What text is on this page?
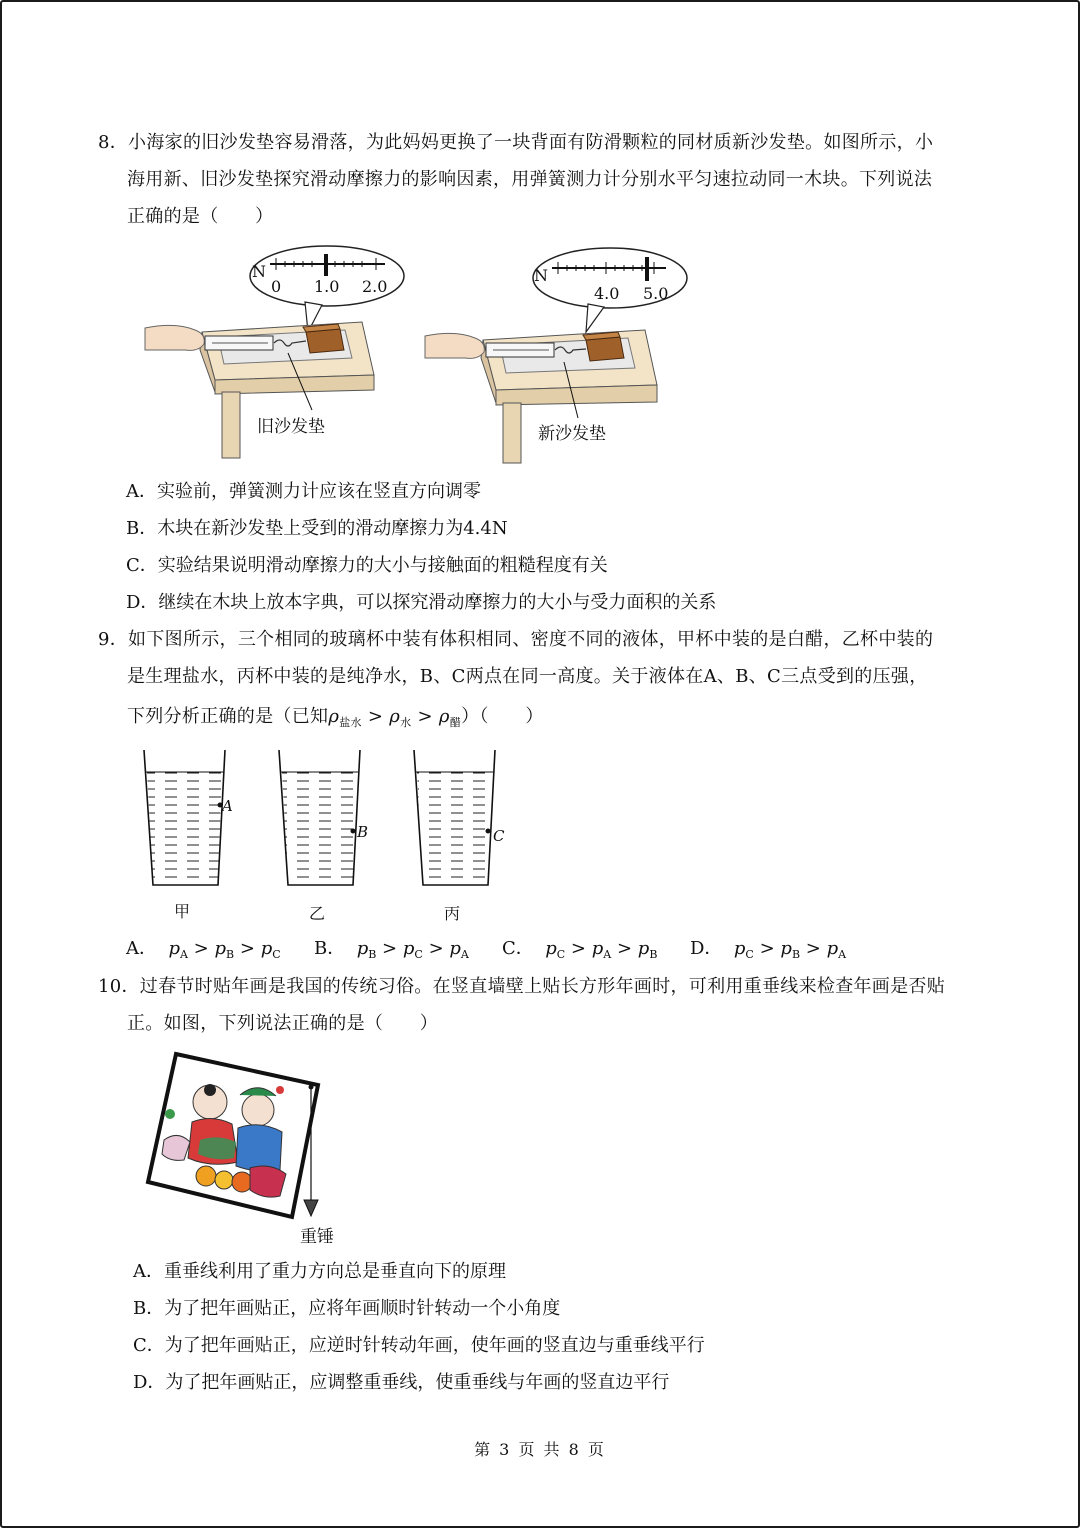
8．小海家的旧沙发垫容易滑落，为此妈妈更换了一块背面有防滑颗粒的同材质新沙发垫。如图所示，小
海用新、旧沙发垫探究滑动摩擦力的影响因素，用弹簧测力计分别水平匀速拉动同一木块。下列说法
正确的是（　　）
N
0 1.0 2.0
旧沙发垫
N
4.0 5.0
新沙发垫
A．实验前，弹簧测力计应该在竖直方向调零
B．木块在新沙发垫上受到的滑动摩擦力为4.4N
C．实验结果说明滑动摩擦力的大小与接触面的粗糙程度有关
D．继续在木块上放本字典，可以探究滑动摩擦力的大小与受力面积的关系
9．如下图所示，三个相同的玻璃杯中装有体积相同、密度不同的液体，甲杯中装的是白醋，乙杯中装的
是生理盐水，丙杯中装的是纯净水，B、C两点在同一高度。关于液体在A、B、C三点受到的压强，
下列分析正确的是（已知$\rho_{盐水} > \rho_水 > \rho_醋$）（　　）
A
B	C
甲	乙	丙
A． $p_A > p_B > p_C$ B． $p_B > p_C > p_A$ C． $p_C > p_A > p_B$ D． $p_C > p_B > p_A$
10．过春节时贴年画是我国的传统习俗。在竖直墙壁上贴长方形年画时，可利用重垂线来检查年画是否贴
正。如图，下列说法正确的是（　　）
重锤
A．重垂线利用了重力方向总是垂直向下的原理
B．为了把年画贴正，应将年画顺时针转动一个小角度
C．为了把年画贴正，应逆时针转动年画，使年画的竖直边与重垂线平行
D．为了把年画贴正，应调整重垂线，使重垂线与年画的竖直边平行
第 3 页 共 8 页
